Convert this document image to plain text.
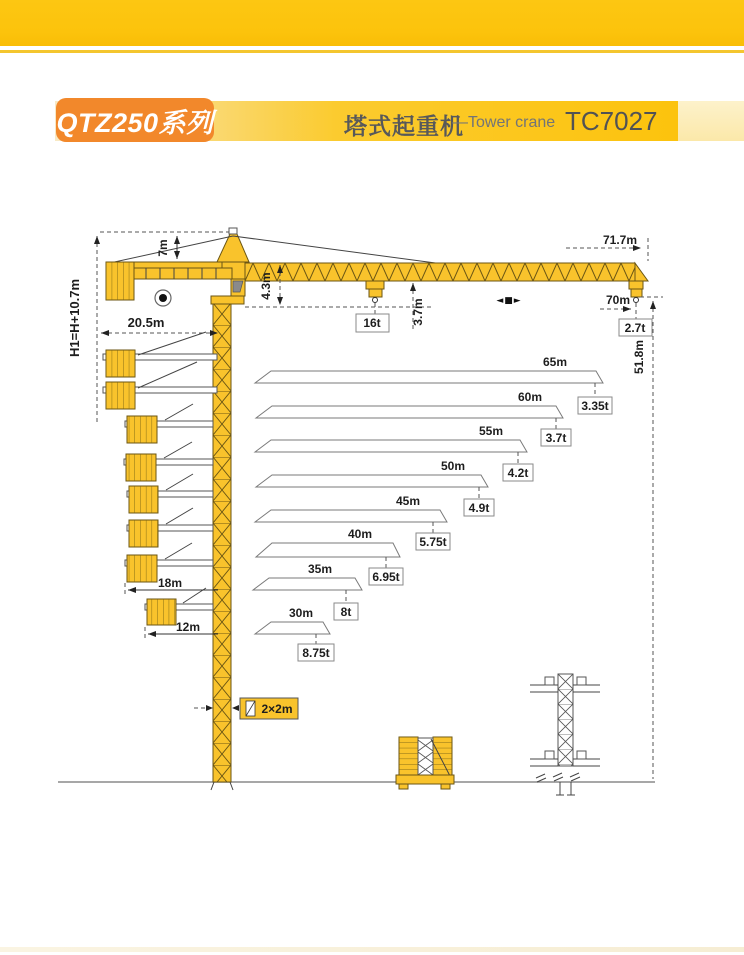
QTZ250系列	塔式起重机
—Tower crane TC7027
16t	2.7t
◄■►
71.7m
7m
H1=H+10.7m	20.5m
4.3m
3.7m	70m
51.8m
18m
12m
65m
3.35t
60m
3.7t
55m
4.2t
50m
4.9t
45m
5.75t
40m
6.95t
35m
8t
30m
8.75t
2×2m
